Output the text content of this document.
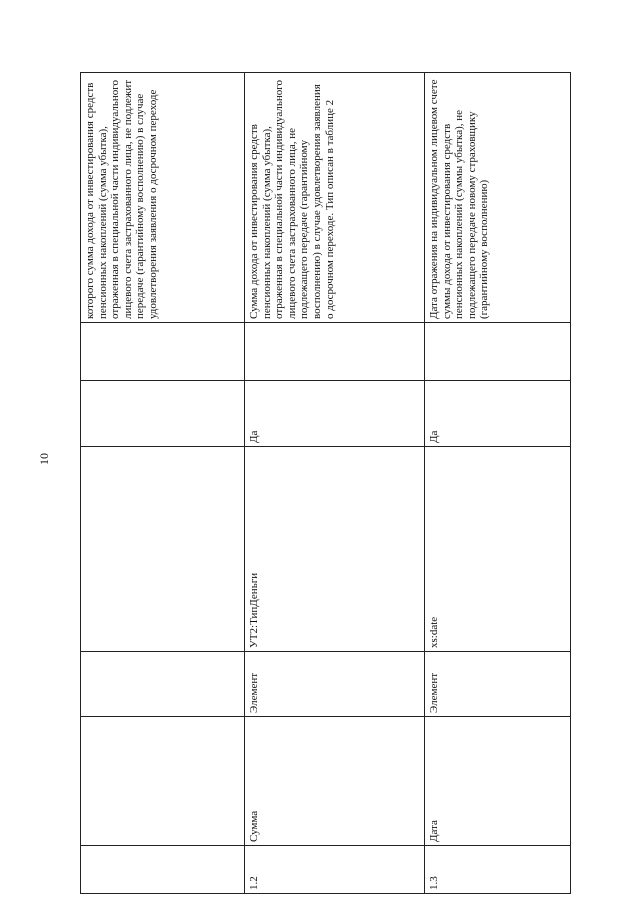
10
						которого сумма дохода от инвестирования средств пенсионных накоплений (сумма убытка), отраженная в специальной части индивидуального лицевого счета застрахованного лица, не подлежит передаче (гарантийному восполнению) в случае удовлетворения заявления о досрочном переходе
1.2	Сумма	Элемент	УТ2:ТипДеньги	Да		Сумма дохода от инвестирования средств пенсионных накоплений (сумма убытка), отраженная в специальной части индивидуального лицевого счета застрахованного лица, не подлежащего передаче (гарантийному восполнению) в случае удовлетворения заявления о досрочном переходе. Тип описан в таблице 2
1.3	Дата	Элемент	xs:date	Да		Дата отражения на индивидуальном лицевом счете суммы дохода от инвестирования средств пенсионных накоплений (суммы убытка), не подлежащего передаче новому страховщику (гарантийному восполнению)
